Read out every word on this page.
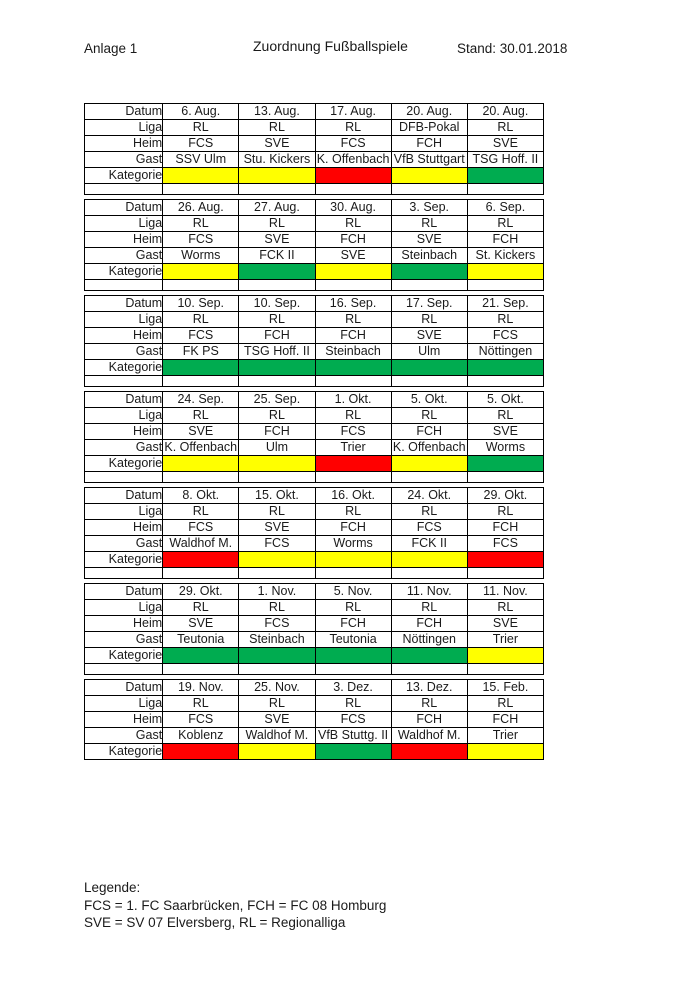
Anlage 1	Zuordnung Fußballspiele	Stand: 30.01.2018
Datum	6. Aug.	13. Aug.	17. Aug.	20. Aug.	20. Aug.
Liga	RL	RL	RL	DFB-Pokal	RL
Heim	FCS	SVE	FCS	FCH	SVE
Gast	SSV Ulm	Stu. Kickers	K. Offenbach	VfB Stuttgart	TSG Hoff. II
Kategorie					

Datum	26. Aug.	27. Aug.	30. Aug.	3. Sep.	6. Sep.
Liga	RL	RL	RL	RL	RL
Heim	FCS	SVE	FCH	SVE	FCH
Gast	Worms	FCK II	SVE	Steinbach	St. Kickers
Kategorie					

Datum	10. Sep.	10. Sep.	16. Sep.	17. Sep.	21. Sep.
Liga	RL	RL	RL	RL	RL
Heim	FCS	FCH	FCH	SVE	FCS
Gast	FK PS	TSG Hoff. II	Steinbach	Ulm	Nöttingen
Kategorie					

Datum	24. Sep.	25. Sep.	1. Okt.	5. Okt.	5. Okt.
Liga	RL	RL	RL	RL	RL
Heim	SVE	FCH	FCS	FCH	SVE
Gast	K. Offenbach	Ulm	Trier	K. Offenbach	Worms
Kategorie					

Datum	8. Okt.	15. Okt.	16. Okt.	24. Okt.	29. Okt.
Liga	RL	RL	RL	RL	RL
Heim	FCS	SVE	FCH	FCS	FCH
Gast	Waldhof M.	FCS	Worms	FCK II	FCS
Kategorie					

Datum	29. Okt.	1. Nov.	5. Nov.	11. Nov.	11. Nov.
Liga	RL	RL	RL	RL	RL
Heim	SVE	FCS	FCH	FCH	SVE
Gast	Teutonia	Steinbach	Teutonia	Nöttingen	Trier
Kategorie					

Datum	19. Nov.	25. Nov.	3. Dez.	13. Dez.	15. Feb.
Liga	RL	RL	RL	RL	RL
Heim	FCS	SVE	FCS	FCH	FCH
Gast	Koblenz	Waldhof M.	VfB Stuttg. II	Waldhof M.	Trier
Kategorie					
Legende:
FCS = 1. FC Saarbrücken, FCH = FC 08 Homburg
SVE = SV 07 Elversberg, RL = Regionalliga
